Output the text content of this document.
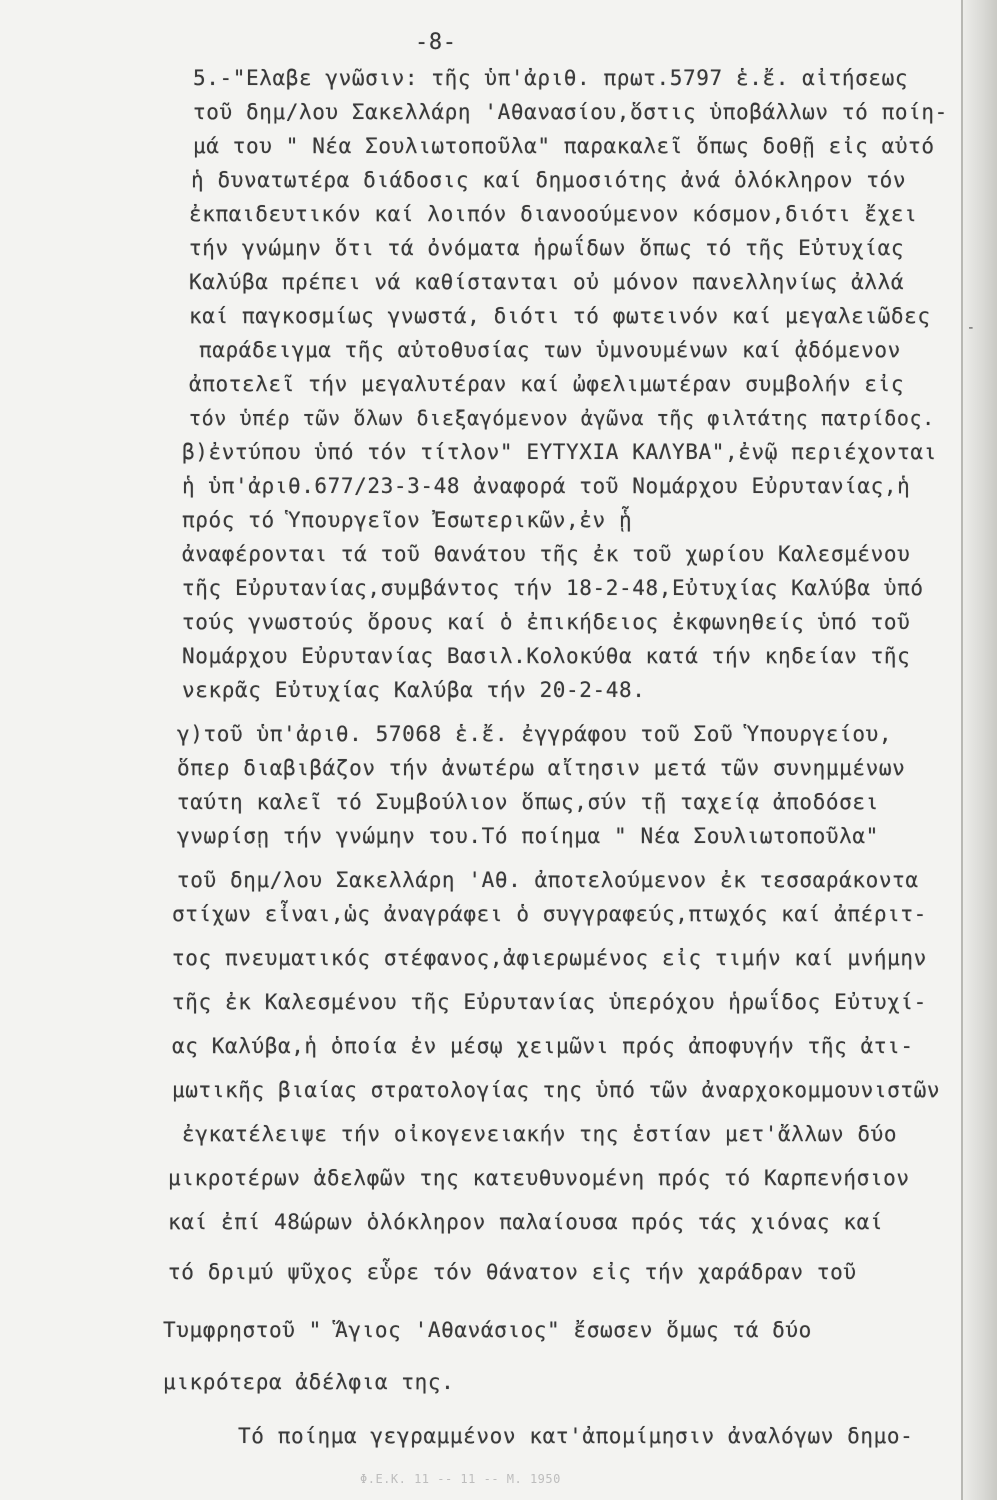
-
-8-
5.-"Ελαβε γνῶσιν: τῆς ὑπ'ἀριθ. πρωτ.5797 ἑ.ἔ. αἰτήσεως
τοῦ δημ/λου Σακελλάρη 'Αθανασίου,ὅστις ὑποβάλλων τό ποίη-
μά του " Νέα Σουλιωτοποῦλα" παρακαλεῖ ὅπως δοθῇ εἰς αὐτό
ἡ δυνατωτέρα διάδοσις καί δημοσιότης ἀνά ὁλόκληρον τόν
ἐκπαιδευτικόν καί λοιπόν διανοούμενον κόσμον,διότι ἔχει
τήν γνώμην ὅτι τά ὀνόματα ἡρωΐδων ὅπως τό τῆς Εὐτυχίας
Καλύβα πρέπει νά καθίστανται οὐ μόνον πανελληνίως ἀλλά
καί παγκοσμίως γνωστά, διότι τό φωτεινόν καί μεγαλειῶδες
παράδειγμα τῆς αὐτοθυσίας των ὑμνουμένων καί ᾀδόμενον
ἀποτελεῖ τήν μεγαλυτέραν καί ὠφελιμωτέραν συμβολήν εἰς
τόν ὑπέρ τῶν ὅλων διεξαγόμενον ἀγῶνα τῆς φιλτάτης πατρίδος.
β)ἐντύπου ὑπό τόν τίτλον" ΕΥΤΥΧΙΑ ΚΑΛΥΒΑ",ἐνῷ περιέχονται
ἡ ὑπ'ἀριθ.677/23-3-48 ἀναφορά τοῦ Νομάρχου Εὐρυτανίας,ἡ
πρός τό Ὑπουργεῖον Ἐσωτερικῶν,ἐν ᾗ
ἀναφέρονται τά τοῦ θανάτου τῆς ἐκ τοῦ χωρίου Καλεσμένου
τῆς Εὐρυτανίας,συμβάντος τήν 18-2-48,Εὐτυχίας Καλύβα ὑπό
τούς γνωστούς ὅρους καί ὁ ἐπικήδειος ἐκφωνηθείς ὑπό τοῦ
Νομάρχου Εὐρυτανίας Βασιλ.Κολοκύθα κατά τήν κηδείαν τῆς
νεκρᾶς Εὐτυχίας Καλύβα τήν 20-2-48.
γ)τοῦ ὑπ'ἀριθ. 57068 ἑ.ἔ. ἐγγράφου τοῦ Σοῦ Ὑπουργείου,
ὅπερ διαβιβάζον τήν ἀνωτέρω αἴτησιν μετά τῶν συνημμένων
ταύτη καλεῖ τό Συμβούλιον ὅπως,σύν τῇ ταχείᾳ ἀποδόσει
γνωρίσῃ τήν γνώμην του.Τό ποίημα " Νέα Σουλιωτοποῦλα"
τοῦ δημ/λου Σακελλάρη 'Αθ. ἀποτελούμενον ἐκ τεσσαράκοντα
στίχων εἶναι,ὡς ἀναγράφει ὁ συγγραφεύς,πτωχός καί ἀπέριτ-
τος πνευματικός στέφανος,ἀφιερωμένος εἰς τιμήν καί μνήμην
τῆς ἐκ Καλεσμένου τῆς Εὐρυτανίας ὑπερόχου ἡρωΐδος Εὐτυχί-
ας Καλύβα,ἡ ὁποία ἐν μέσῳ χειμῶνι πρός ἀποφυγήν τῆς ἀτι-
μωτικῆς βιαίας στρατολογίας της ὑπό τῶν ἀναρχοκομμουνιστῶν
ἐγκατέλειψε τήν οἰκογενειακήν της ἑστίαν μετ'ἄλλων δύο
μικροτέρων ἀδελφῶν της κατευθυνομένη πρός τό Καρπενήσιον
καί ἐπί 48ώρων ὁλόκληρον παλαίουσα πρός τάς χιόνας καί
τό δριμύ ψῦχος εὗρε τόν θάνατον εἰς τήν χαράδραν τοῦ
Τυμφρηστοῦ " Ἅγιος 'Αθανάσιος" ἔσωσεν ὅμως τά δύο
μικρότερα ἀδέλφια της.
Τό ποίημα γεγραμμένον κατ'ἀπομίμησιν ἀναλόγων δημο-
Φ.Ε.Κ. 11 -- 11 -- Μ. 1950
